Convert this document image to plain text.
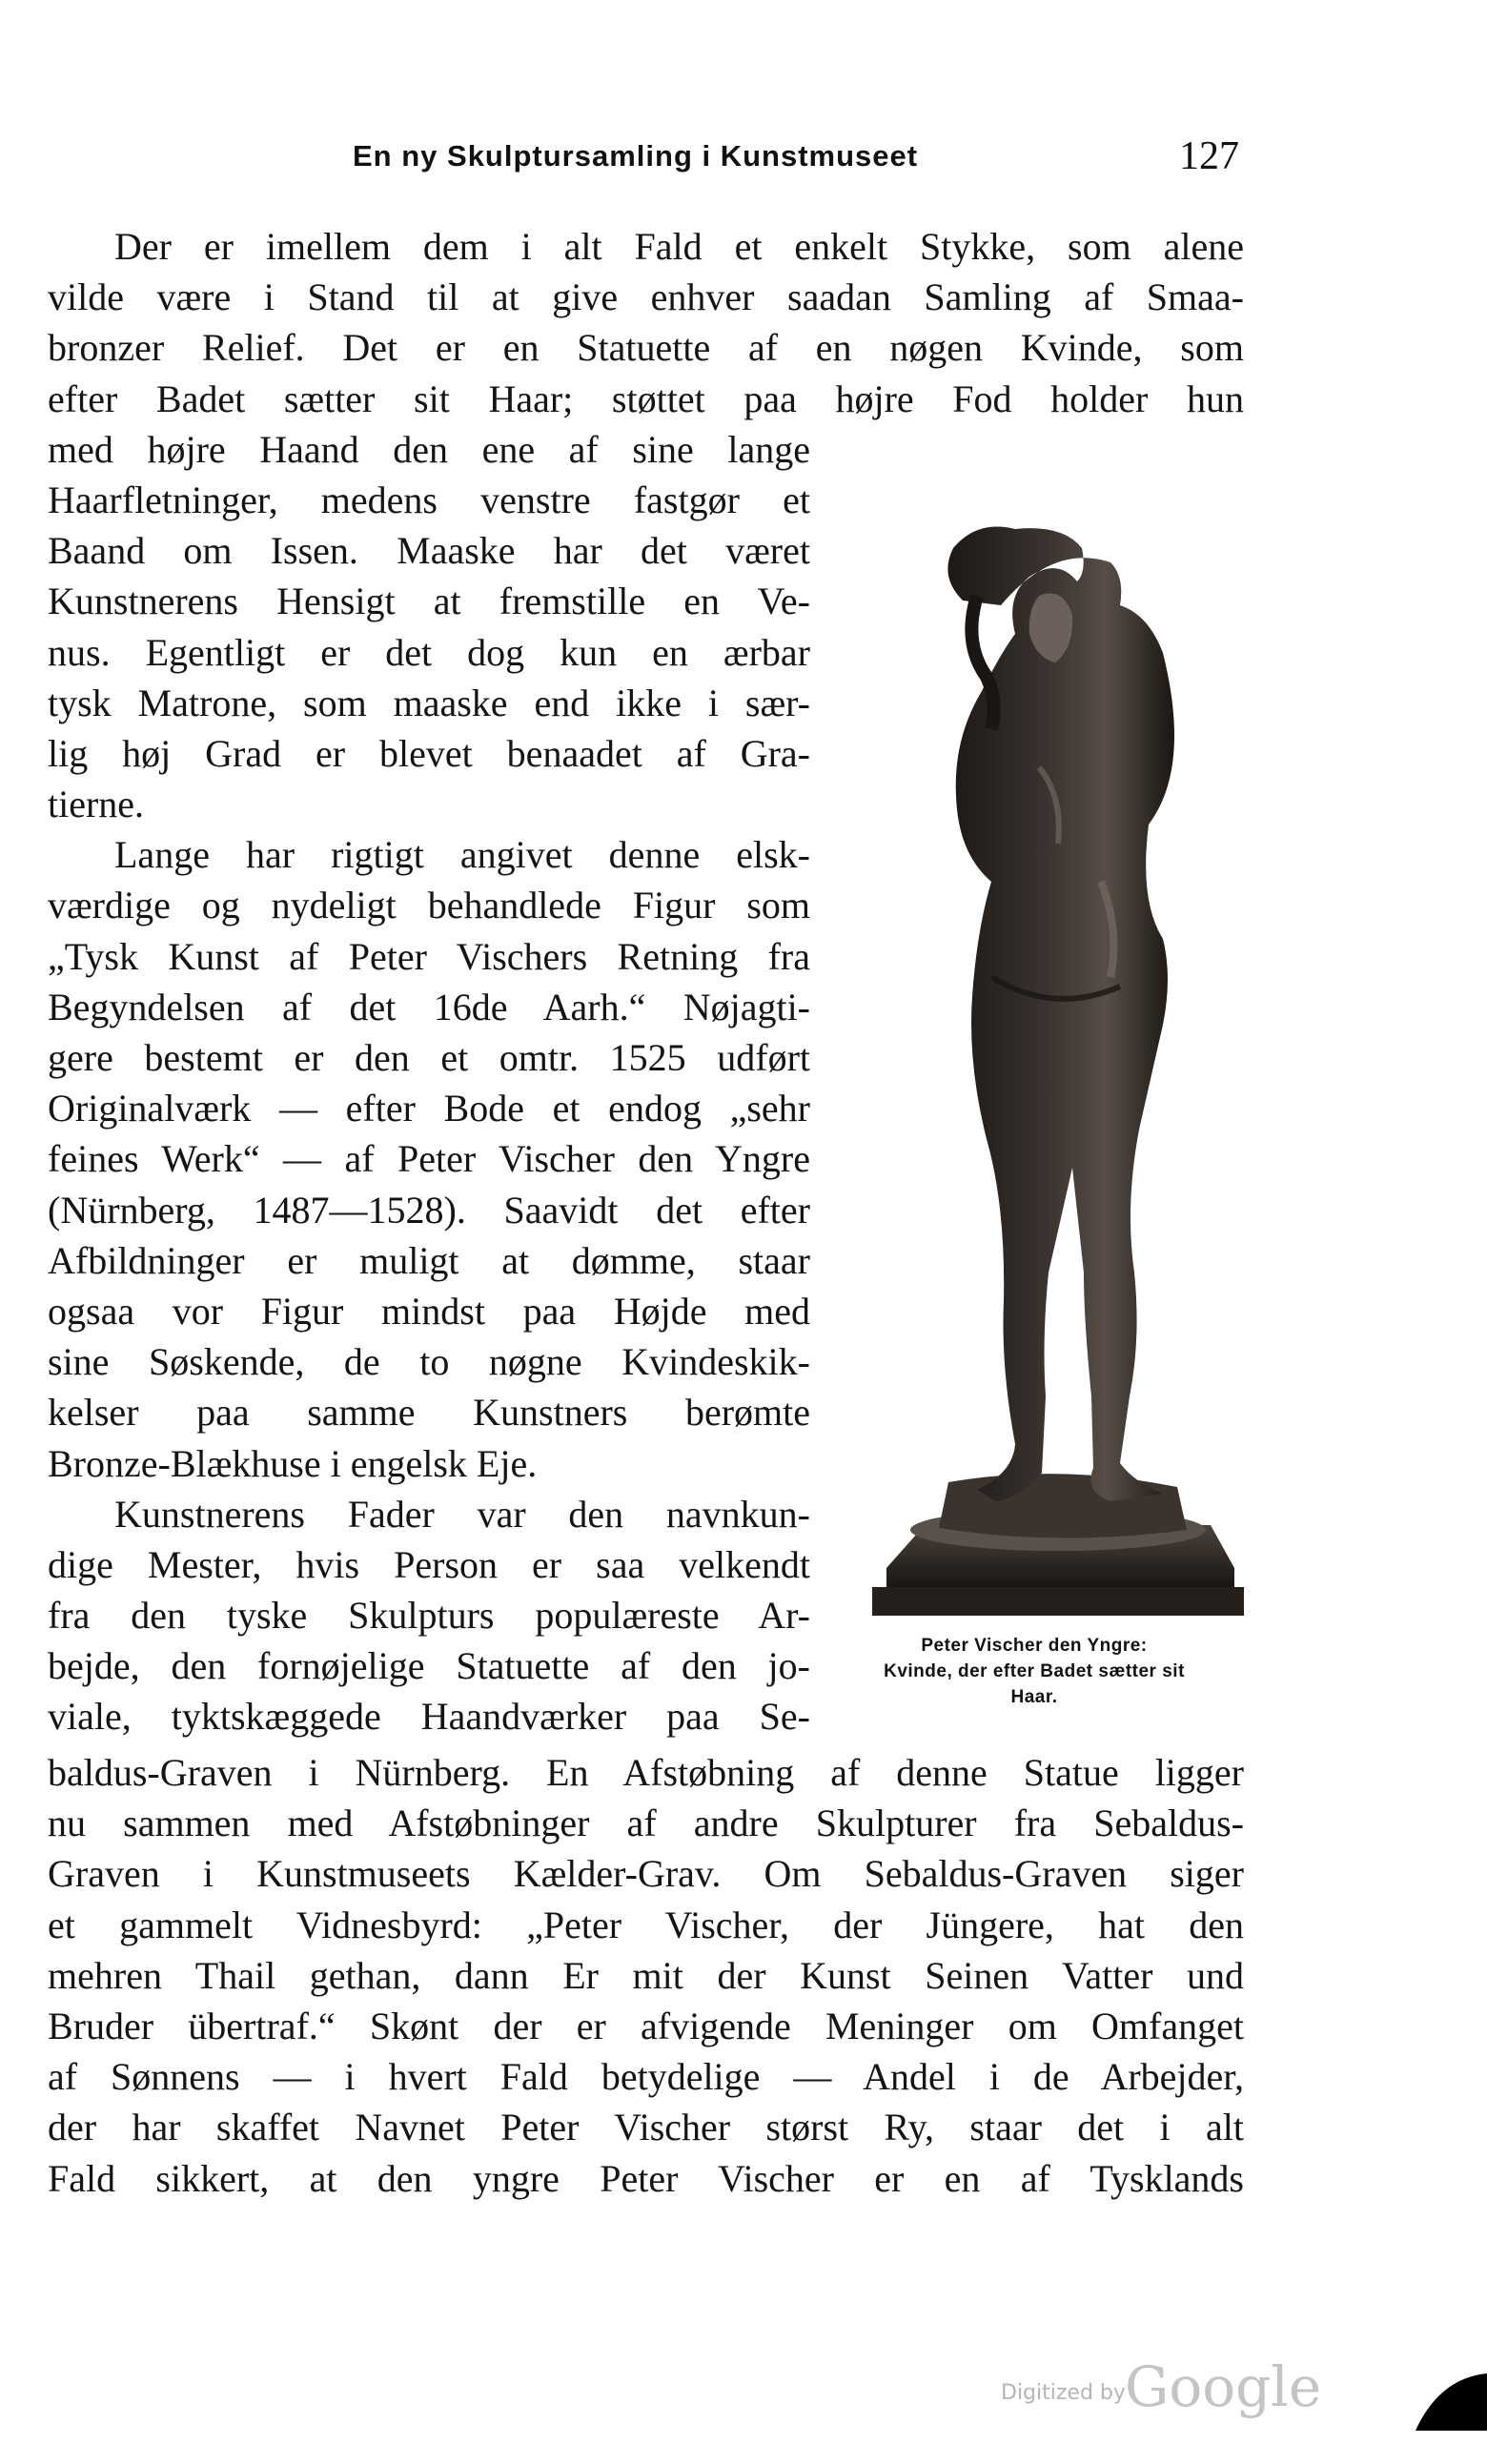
En ny Skulptursamling i Kunstmuseet	127
Der er imellem dem i alt Fald et enkelt Stykke, som alene
vilde være i Stand til at give enhver saadan Samling af Smaa-
bronzer Relief. Det er en Statuette af en nøgen Kvinde, som
efter Badet sætter sit Haar; støttet paa højre Fod holder hun
med højre Haand den ene af sine lange
Haarfletninger, medens venstre fastgør et
Baand om Issen. Maaske har det været
Kunstnerens Hensigt at fremstille en Ve-
nus. Egentligt er det dog kun en ærbar
tysk Matrone, som maaske end ikke i sær-
lig høj Grad er blevet benaadet af Gra-
tierne.
Lange har rigtigt angivet denne elsk-
værdige og nydeligt behandlede Figur som
„Tysk Kunst af Peter Vischers Retning fra
Begyndelsen af det 16de Aarh.“ Nøjagti-
gere bestemt er den et omtr. 1525 udført
Originalværk — efter Bode et endog „sehr
feines Werk“ — af Peter Vischer den Yngre
(Nürnberg, 1487—1528). Saavidt det efter
Afbildninger er muligt at dømme, staar
ogsaa vor Figur mindst paa Højde med
sine Søskende, de to nøgne Kvindeskik-
kelser paa samme Kunstners berømte
Bronze-Blækhuse i engelsk Eje.
Kunstnerens Fader var den navnkun-
dige Mester, hvis Person er saa velkendt
fra den tyske Skulpturs populæreste Ar-
bejde, den fornøjelige Statuette af den jo-
viale, tyktskæggede Haandværker paa Se-
Peter Vischer den Yngre:
Kvinde, der efter Badet sætter sit
Haar.
baldus-Graven i Nürnberg. En Afstøbning af denne Statue ligger
nu sammen med Afstøbninger af andre Skulpturer fra Sebaldus-
Graven i Kunstmuseets Kælder-Grav. Om Sebaldus-Graven siger
et gammelt Vidnesbyrd: „Peter Vischer, der Jüngere, hat den
mehren Thail gethan, dann Er mit der Kunst Seinen Vatter und
Bruder übertraf.“ Skønt der er afvigende Meninger om Omfanget
af Sønnens — i hvert Fald betydelige — Andel i de Arbejder,
der har skaffet Navnet Peter Vischer størst Ry, staar det i alt
Fald sikkert, at den yngre Peter Vischer er en af Tysklands
Digitized by Google
